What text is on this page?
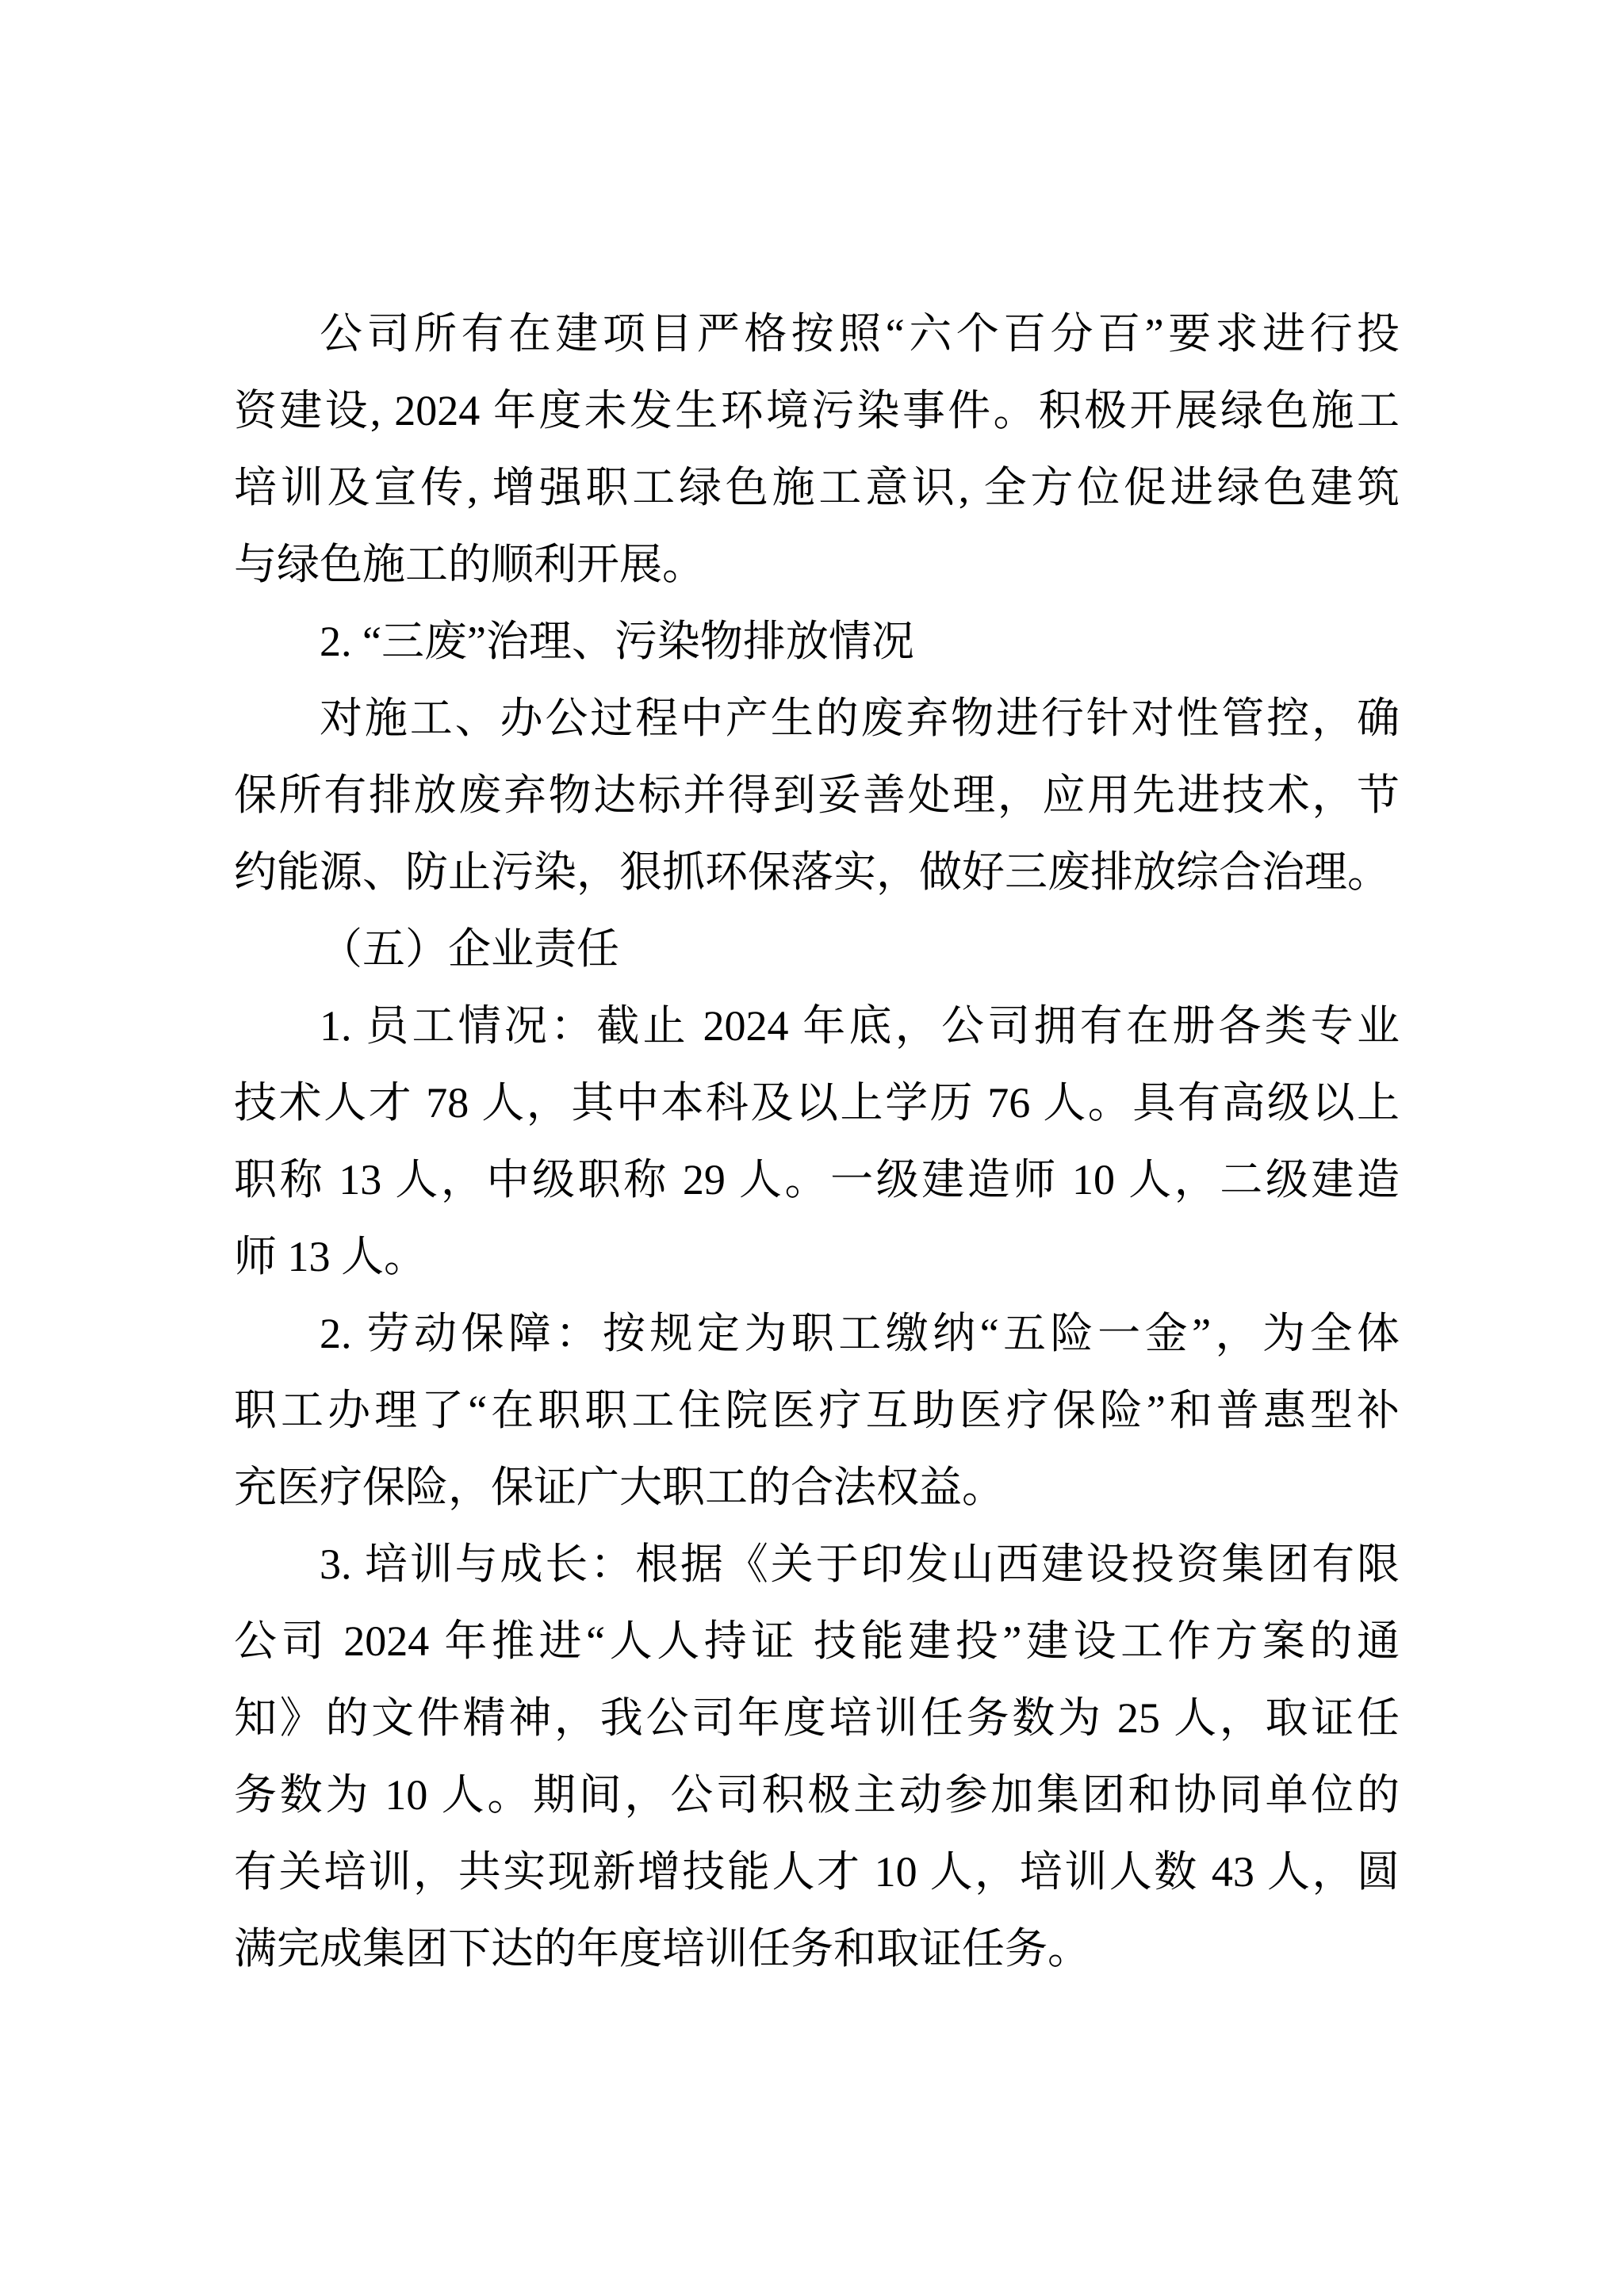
公司所有在建项目严格按照“六个百分百”要求进行投
资建设, 2024 年度未发生环境污染事件。积极开展绿色施工
培训及宣传, 增强职工绿色施工意识, 全方位促进绿色建筑
与绿色施工的顺利开展。
2. “三废”治理、污染物排放情况
对施工、办公过程中产生的废弃物进行针对性管控，确
保所有排放废弃物达标并得到妥善处理，应用先进技术，节
约能源、防止污染，狠抓环保落实，做好三废排放综合治理。
（五）企业责任
1. 员工情况：截止 2024 年底，公司拥有在册各类专业
技术人才 78 人，其中本科及以上学历 76 人。具有高级以上
职称 13 人，中级职称 29 人。一级建造师 10 人，二级建造
师 13 人。
2. 劳动保障：按规定为职工缴纳“五险一金”，为全体
职工办理了“在职职工住院医疗互助医疗保险”和普惠型补
充医疗保险，保证广大职工的合法权益。
3. 培训与成长：根据《关于印发山西建设投资集团有限
公司 2024 年推进“人人持证 技能建投”建设工作方案的通
知》的文件精神，我公司年度培训任务数为 25 人，取证任
务数为 10 人。期间，公司积极主动参加集团和协同单位的
有关培训，共实现新增技能人才 10 人，培训人数 43 人，圆
满完成集团下达的年度培训任务和取证任务。
